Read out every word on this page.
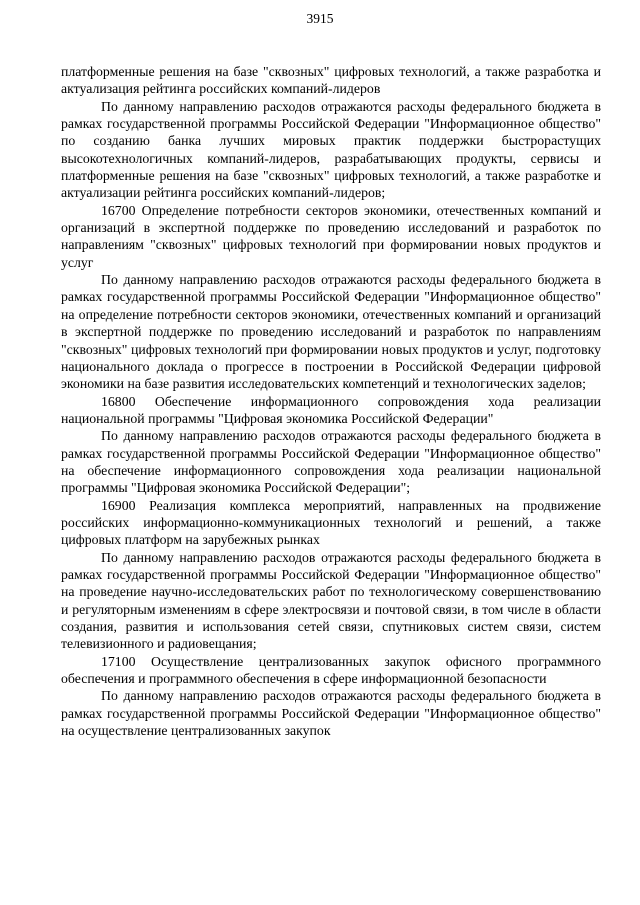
3915

платформенные решения на базе "сквозных" цифровых технологий, а также разработка и актуализация рейтинга российских компаний-лидеров

По данному направлению расходов отражаются расходы федерального бюджета в рамках государственной программы Российской Федерации "Информационное общество" по созданию банка лучших мировых практик поддержки быстрорастущих высокотехнологичных компаний-лидеров, разрабатывающих продукты, сервисы и платформенные решения на базе "сквозных" цифровых технологий, а также разработке и актуализации рейтинга российских компаний-лидеров;

16700 Определение потребности секторов экономики, отечественных компаний и организаций в экспертной поддержке по проведению исследований и разработок по направлениям "сквозных" цифровых технологий при формировании новых продуктов и услуг

По данному направлению расходов отражаются расходы федерального бюджета в рамках государственной программы Российской Федерации "Информационное общество" на определение потребности секторов экономики, отечественных компаний и организаций в экспертной поддержке по проведению исследований и разработок по направлениям "сквозных" цифровых технологий при формировании новых продуктов и услуг, подготовку национального доклада о прогрессе в построении в Российской Федерации цифровой экономики на базе развития исследовательских компетенций и технологических заделов;

16800 Обеспечение информационного сопровождения хода реализации национальной программы "Цифровая экономика Российской Федерации"

По данному направлению расходов отражаются расходы федерального бюджета в рамках государственной программы Российской Федерации "Информационное общество" на обеспечение информационного сопровождения хода реализации национальной программы "Цифровая экономика Российской Федерации";

16900 Реализация комплекса мероприятий, направленных на продвижение российских информационно-коммуникационных технологий и решений, а также цифровых платформ на зарубежных рынках

По данному направлению расходов отражаются расходы федерального бюджета в рамках государственной программы Российской Федерации "Информационное общество" на проведение научно-исследовательских работ по технологическому совершенствованию и регуляторным изменениям в сфере электросвязи и почтовой связи, в том числе в области создания, развития и использования сетей связи, спутниковых систем связи, систем телевизионного и радиовещания;

17100 Осуществление централизованных закупок офисного программного обеспечения и программного обеспечения в сфере информационной безопасности

По данному направлению расходов отражаются расходы федерального бюджета в рамках государственной программы Российской Федерации "Информационное общество" на осуществление централизованных закупок
